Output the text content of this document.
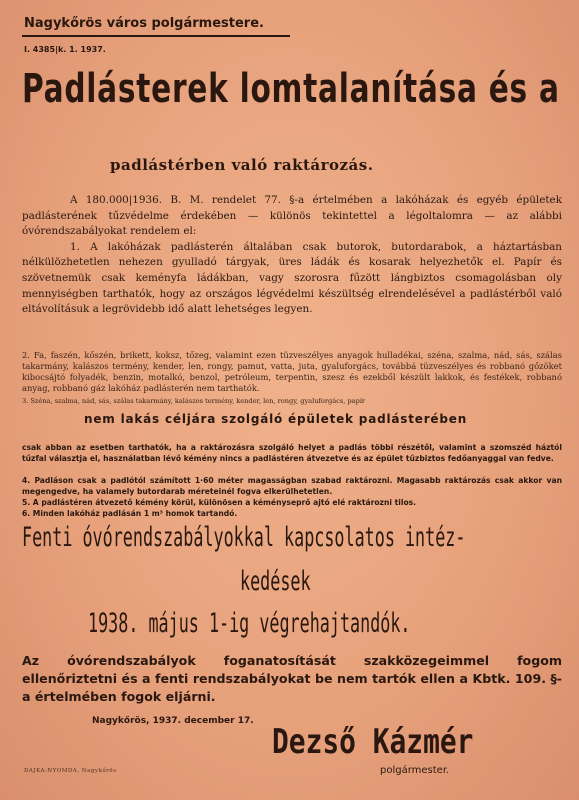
Nagykőrös város polgármestere.
I. 4385|k. 1. 1937.
Padlásterek lomtalanítása és a
padlástérben való raktározás.

A 180.000|1936. B. M. rendelet 77. §-a értelmében a lakóházak és egyéb épületek padlásterének tűzvédelme érdekében — különös tekintettel a légoltalomra — az alábbi óvórendszabályokat rendelem el:

1. A lakóházak padlásterén általában csak butorok, butordarabok, a háztartásban nélkülözhetetlen nehezen gyulladó tárgyak, üres ládák és kosarak helyezhetők el. Papír és szövetnemük csak keményfa ládákban, vagy szorosra fűzött lángbiztos csomagolásban oly mennyiségben tarthatók, hogy az országos légvédelmi készültség elrendelésével a padlástérből való eltávolításuk a legrövidebb idő alatt lehetséges legyen.

2. Fa, faszén, kőszén, brikett, koksz, tőzeg, valamint ezen tüzveszélyes anyagok hulladékai, széna, szalma, nád, sás, szálas takarmány, kalászos termény, kender, len, rongy, pamut, vatta, juta, gyaluforgács, továbbá tüzveszélyes és robbanó gőzöket kibocsájtó folyadék, benzin, motalkó, benzol, petróleum, terpentin, szesz és ezekből készült lakkok, és festékek, robbanó anyag, robbanó gáz lakóház padlásterén nem tarthatók.
3. Széna, szalma, nád, sás, szálas takarmány, kalászos termény, kender, len, rongy, gyaluforgács, papír
nem lakás céljára szolgáló épületek padlásterében
csak abban az esetben tarthatók, ha a raktározásra szolgáló helyet a padlás többi részétől, valamint a szomszéd háztól tűzfal választja el, használatban lévő kémény nincs a padlástéren átvezetve és az épület tűzbiztos fedőanyaggal van fedve.
4. Padláson csak a padlótól számított 1·60 méter magasságban szabad raktározni. Magasabb raktározás csak akkor van megengedve, ha valamely butordarab méreteinél fogva elkerülhetetlen.
5. A padlástéren átvezető kémény körül, különösen a kéményseprő ajtó elé raktározni tilos.
6. Minden lakóház padlásán 1 m³ homok tartandó.
Fenti óvórendszabályokkal kapcsolatos intéz-
kedések
1938. május 1-ig végrehajtandók.
Az óvórendszabályok foganatosítását szakközegeimmel fogom ellenőriztetni és a fenti rendszabályokat be nem tartók ellen a Kbtk. 109. §-a értelmében fogok eljárni.
Nagykőrös, 1937. december 17.
DAJKA-NYOMDA, Nagykőrös
Dezső Kázmér
polgármester.
